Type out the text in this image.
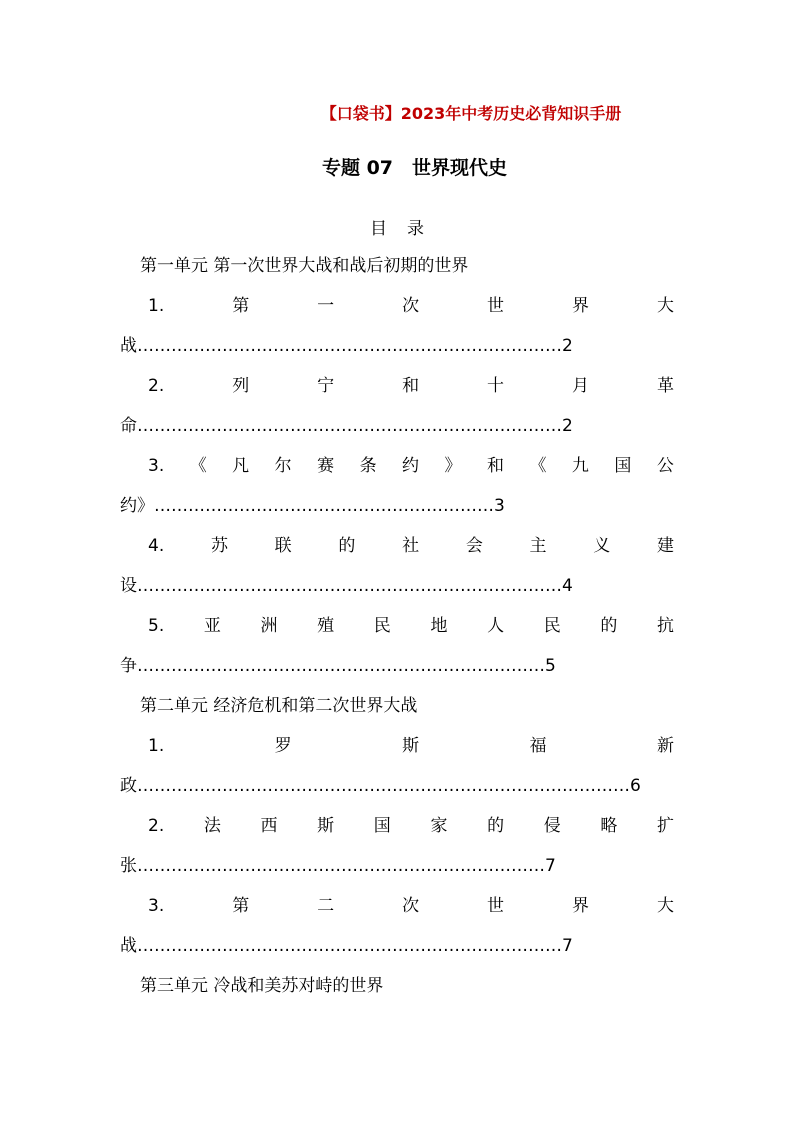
【口袋书】2023年中考历史必背知识手册
专题 07　世界现代史
目录
第一单元 第一次世界大战和战后初期的世界
1.	第	一	次	世	界	大
战…………………………………………………………………2
2.	列	宁	和	十	月	革
命…………………………………………………………………2
3. 《 凡 尔 赛 条 约 》 和 《 九 国 公
约》……………………………………………………3
4.	苏	联	的	社	会	主	义	建
设…………………………………………………………………4
5. 亚 洲 殖 民 地 人 民 的 抗
争………………………………………………………………5
第二单元 经济危机和第二次世界大战
1.	罗	斯	福	新
政……………………………………………………………………………6
2. 法 西 斯 国 家 的 侵 略 扩
张………………………………………………………………7
3.	第	二	次	世	界	大
战…………………………………………………………………7
第三单元 冷战和美苏对峙的世界
